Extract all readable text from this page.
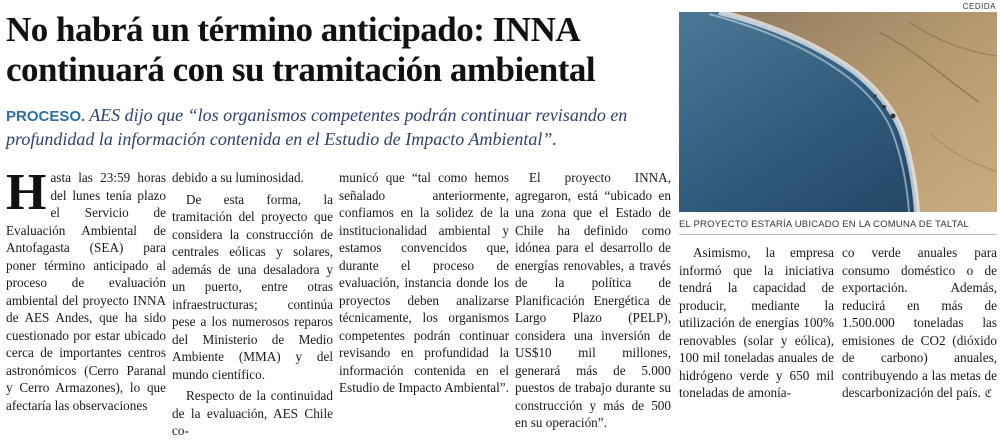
No habrá un término anticipado: INNA continuará con su tramitación ambiental

PROCESO. AES dijo que “los organismos competentes podrán continuar revisando en profundidad la información contenida en el Estudio de Impacto Ambiental”.

CEDIDA
EL PROYECTO ESTARÍA UBICADO EN LA COMUNA DE TALTAL
H asta las 23:59 horas del lunes tenía plazo el Servicio de Evaluación Ambiental de Antofagasta (SEA) para poner término anticipado al proceso de evaluación ambiental del proyecto INNA de AES Andes, que ha sido cuestionado por estar ubicado cerca de importantes centros astronómicos (Cerro Paranal y Cerro Armazones), lo que afectaría las observaciones

debido a su luminosidad.

De esta forma, la tramitación del proyecto que considera la construcción de centrales eólicas y solares, además de una desaladora y un puerto, entre otras infraestructuras; continúa pese a los numerosos reparos del Ministerio de Medio Ambiente (MMA) y del mundo científico.

Respecto de la continuidad de la evaluación, AES Chile co-

municó que “tal como hemos señalado anteriormente, confiamos en la solidez de la institucionalidad ambiental y estamos convencidos que, durante el proceso de evaluación, instancia donde los proyectos deben analizarse técnicamente, los organismos competentes podrán continuar revisando en profundidad la información contenida en el Estudio de Impacto Ambiental”.

El proyecto INNA, agregaron, está “ubicado en una zona que el Estado de Chile ha definido como idónea para el desarrollo de energías renovables, a través de la política de Planificación Energética de Largo Plazo (PELP), considera una inversión de US$10 mil millones, generará más de 5.000 puestos de trabajo durante su construcción y más de 500 en su operación”.

Asimismo, la empresa informó que la iniciativa tendrá la capacidad de producir, mediante la utilización de energías 100% renovables (solar y eólica), 100 mil toneladas anuales de hidrógeno verde y 650 mil toneladas de amonía-

co verde anuales para consumo doméstico o de exportación. Además, reducirá en más de 1.500.000 toneladas las emisiones de CO2 (dióxido de carbono) anuales, contribuyendo a las metas de descarbonización del país. ℭ
